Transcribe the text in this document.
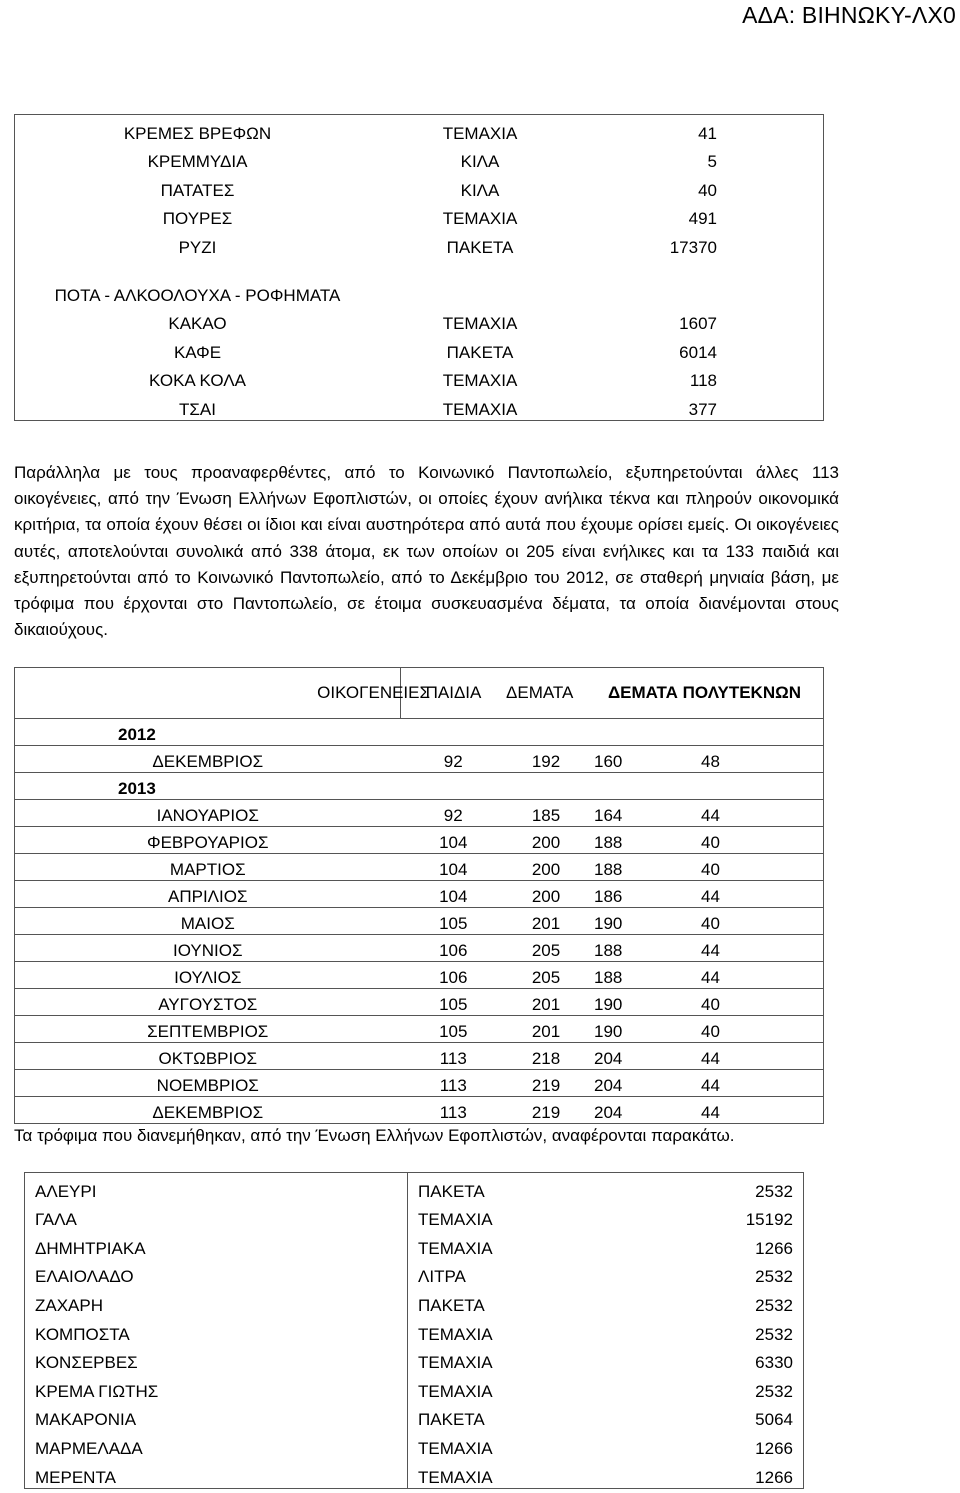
ΑΔΑ: ΒΙΗΝΩΚΥ-ΛΧ0
ΚΡΕΜΕΣ ΒΡΕΦΩΝ	ΤΕΜΑΧΙΑ	41
ΚΡΕΜΜΥΔΙΑ	ΚΙΛΑ	5
ΠΑΤΑΤΕΣ	ΚΙΛΑ	40
ΠΟΥΡΕΣ	ΤΕΜΑΧΙΑ	491
ΡΥΖΙ	ΠΑΚΕΤΑ	17370
ΠΟΤΑ - ΑΛΚΟΟΛΟΥΧΑ - ΡΟΦΗΜΑΤΑ		
ΚΑΚΑΟ	ΤΕΜΑΧΙΑ	1607
ΚΑΦΕ	ΠΑΚΕΤΑ	6014
ΚΟΚΑ ΚΟΛΑ	ΤΕΜΑΧΙΑ	118
ΤΣΑΙ	ΤΕΜΑΧΙΑ	377
Παράλληλα με τους προαναφερθέντες, από το Κοινωνικό Παντοπωλείο, εξυπηρετούνται άλλες 113 οικογένειες, από την Ένωση Ελλήνων Εφοπλιστών, οι οποίες έχουν ανήλικα τέκνα και πληρούν οικονομικά κριτήρια, τα οποία έχουν θέσει οι ίδιοι και είναι αυστηρότερα από αυτά που έχουμε ορίσει εμείς. Οι οικογένειες αυτές, αποτελούνται συνολικά από 338 άτομα, εκ των οποίων οι 205 είναι ενήλικες και τα 133 παιδιά και εξυπηρετούνται από το Κοινωνικό Παντοπωλείο, από το Δεκέμβριο του 2012, σε σταθερή μηνιαία βάση, με τρόφιμα που έρχονται στο Παντοπωλείο, σε έτοιμα συσκευασμένα δέματα, τα οποία διανέμονται στους δικαιούχους.
ΟΙΚΟΓΕΝΕΙΕΣ	ΠΑΙΔΙΑ	ΔΕΜΑΤΑ	ΔΕΜΑΤΑ ΠΟΛΥΤΕΚΝΩΝ	
2012				
ΔΕΚΕΜΒΡΙΟΣ	92	192	160	48
2013				
ΙΑΝΟΥΑΡΙΟΣ	92	185	164	44
ΦΕΒΡΟΥΑΡΙΟΣ	104	200	188	40
ΜΑΡΤΙΟΣ	104	200	188	40
ΑΠΡΙΛΙΟΣ	104	200	186	44
ΜΑΙΟΣ	105	201	190	40
ΙΟΥΝΙΟΣ	106	205	188	44
ΙΟΥΛΙΟΣ	106	205	188	44
ΑΥΓΟΥΣΤΟΣ	105	201	190	40
ΣΕΠΤΕΜΒΡΙΟΣ	105	201	190	40
ΟΚΤΩΒΡΙΟΣ	113	218	204	44
ΝΟΕΜΒΡΙΟΣ	113	219	204	44
ΔΕΚΕΜΒΡΙΟΣ	113	219	204	44
Τα τρόφιμα που διανεμήθηκαν, από την Ένωση Ελλήνων Εφοπλιστών, αναφέρονται παρακάτω.
ΑΛΕΥΡΙ	ΠΑΚΕΤΑ	2532
ΓΑΛΑ	ΤΕΜΑΧΙΑ	15192
ΔΗΜΗΤΡΙΑΚΑ	ΤΕΜΑΧΙΑ	1266
ΕΛΑΙΟΛΑΔΟ	ΛΙΤΡΑ	2532
ΖΑΧΑΡΗ	ΠΑΚΕΤΑ	2532
ΚΟΜΠΟΣΤΑ	ΤΕΜΑΧΙΑ	2532
ΚΟΝΣΕΡΒΕΣ	ΤΕΜΑΧΙΑ	6330
ΚΡΕΜΑ ΓΙΩΤΗΣ	ΤΕΜΑΧΙΑ	2532
ΜΑΚΑΡΟΝΙΑ	ΠΑΚΕΤΑ	5064
ΜΑΡΜΕΛΑΔΑ	ΤΕΜΑΧΙΑ	1266
ΜΕΡΕΝΤΑ	ΤΕΜΑΧΙΑ	1266
